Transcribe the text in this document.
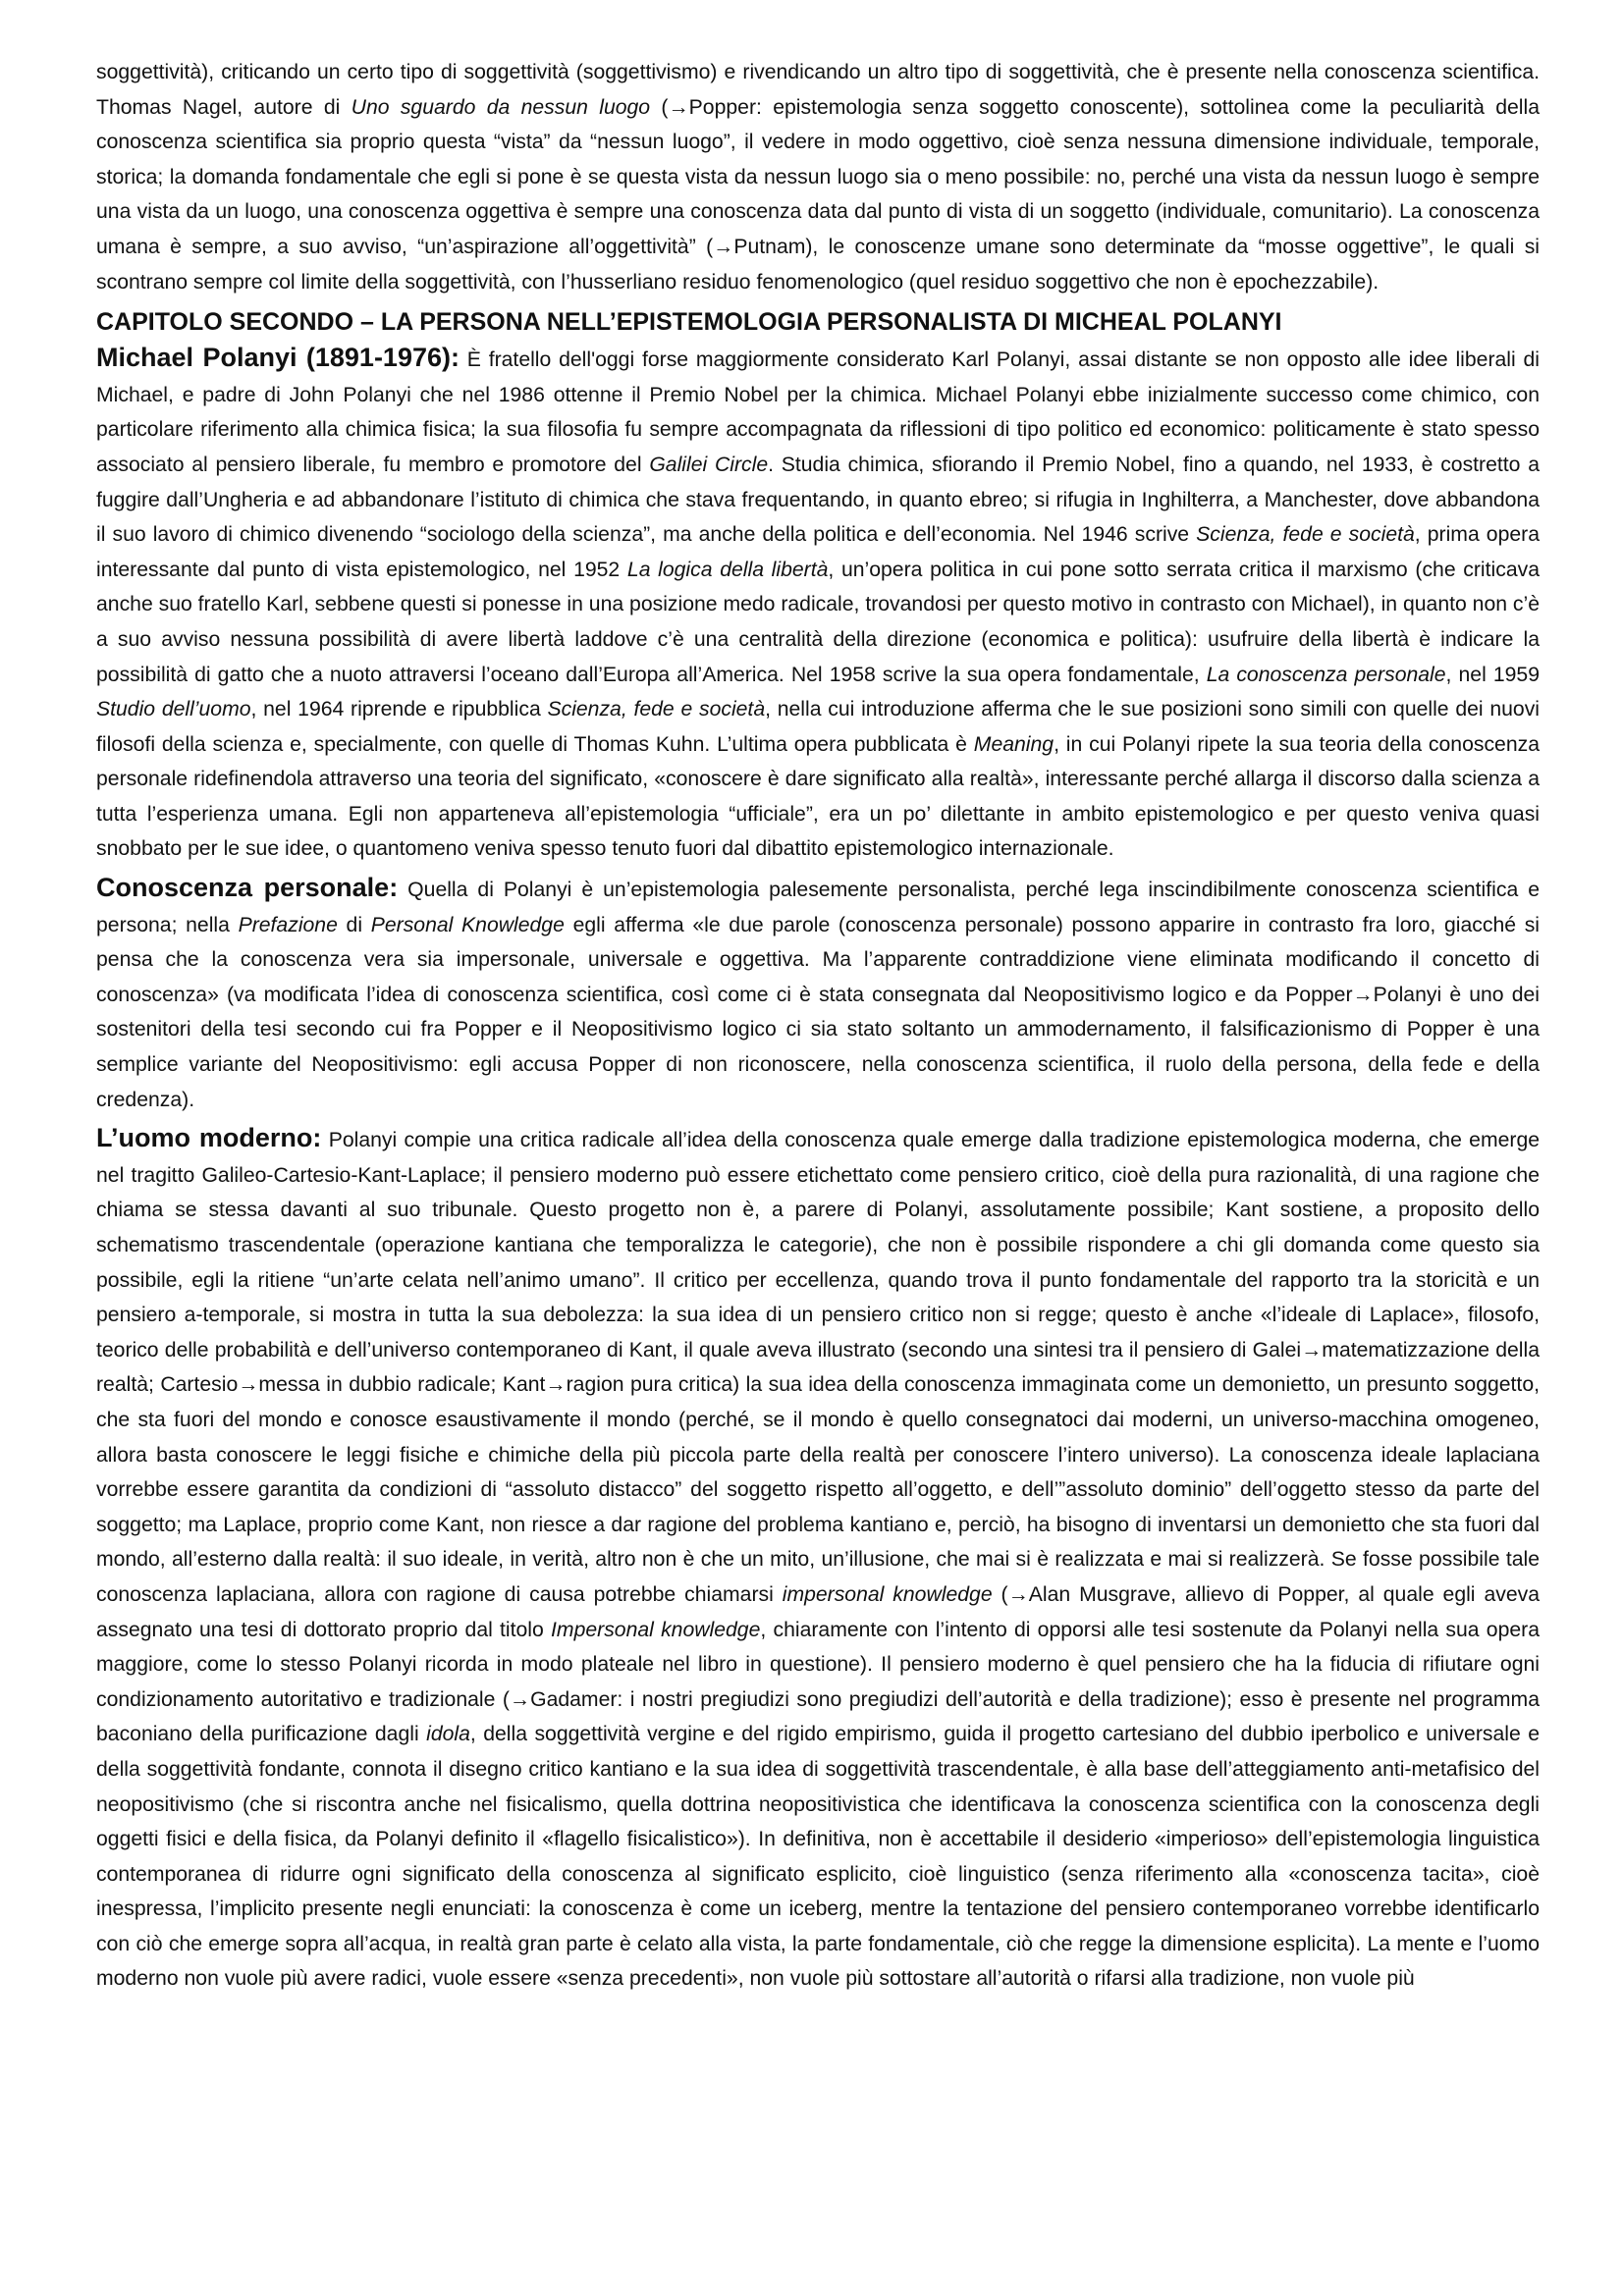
soggettività), criticando un certo tipo di soggettività (soggettivismo) e rivendicando un altro tipo di soggettività, che è presente nella conoscenza scientifica. Thomas Nagel, autore di Uno sguardo da nessun luogo (→Popper: epistemologia senza soggetto conoscente), sottolinea come la peculiarità della conoscenza scientifica sia proprio questa “vista” da “nessun luogo”, il vedere in modo oggettivo, cioè senza nessuna dimensione individuale, temporale, storica; la domanda fondamentale che egli si pone è se questa vista da nessun luogo sia o meno possibile: no, perché una vista da nessun luogo è sempre una vista da un luogo, una conoscenza oggettiva è sempre una conoscenza data dal punto di vista di un soggetto (individuale, comunitario). La conoscenza umana è sempre, a suo avviso, “un’aspirazione all’oggettività” (→Putnam), le conoscenze umane sono determinate da “mosse oggettive”, le quali si scontrano sempre col limite della soggettività, con l’husserliano residuo fenomenologico (quel residuo soggettivo che non è epochezzabile).

CAPITOLO SECONDO – LA PERSONA NELL’EPISTEMOLOGIA PERSONALISTA DI MICHEAL POLANYI

Michael Polanyi (1891-1976): È fratello dell'oggi forse maggiormente considerato Karl Polanyi, assai distante se non opposto alle idee liberali di Michael, e padre di John Polanyi che nel 1986 ottenne il Premio Nobel per la chimica. Michael Polanyi ebbe inizialmente successo come chimico, con particolare riferimento alla chimica fisica; la sua filosofia fu sempre accompagnata da riflessioni di tipo politico ed economico: politicamente è stato spesso associato al pensiero liberale, fu membro e promotore del Galilei Circle. Studia chimica, sfiorando il Premio Nobel, fino a quando, nel 1933, è costretto a fuggire dall’Ungheria e ad abbandonare l’istituto di chimica che stava frequentando, in quanto ebreo; si rifugia in Inghilterra, a Manchester, dove abbandona il suo lavoro di chimico divenendo “sociologo della scienza”, ma anche della politica e dell’economia. Nel 1946 scrive Scienza, fede e società, prima opera interessante dal punto di vista epistemologico, nel 1952 La logica della libertà, un’opera politica in cui pone sotto serrata critica il marxismo (che criticava anche suo fratello Karl, sebbene questi si ponesse in una posizione medo radicale, trovandosi per questo motivo in contrasto con Michael), in quanto non c’è a suo avviso nessuna possibilità di avere libertà laddove c’è una centralità della direzione (economica e politica): usufruire della libertà è indicare la possibilità di gatto che a nuoto attraversi l’oceano dall’Europa all’America. Nel 1958 scrive la sua opera fondamentale, La conoscenza personale, nel 1959 Studio dell’uomo, nel 1964 riprende e ripubblica Scienza, fede e società, nella cui introduzione afferma che le sue posizioni sono simili con quelle dei nuovi filosofi della scienza e, specialmente, con quelle di Thomas Kuhn. L’ultima opera pubblicata è Meaning, in cui Polanyi ripete la sua teoria della conoscenza personale ridefinendola attraverso una teoria del significato, «conoscere è dare significato alla realtà», interessante perché allarga il discorso dalla scienza a tutta l’esperienza umana. Egli non apparteneva all’epistemologia “ufficiale”, era un po’ dilettante in ambito epistemologico e per questo veniva quasi snobbato per le sue idee, o quantomeno veniva spesso tenuto fuori dal dibattito epistemologico internazionale.

Conoscenza personale: Quella di Polanyi è un’epistemologia palesemente personalista, perché lega inscindibilmente conoscenza scientifica e persona; nella Prefazione di Personal Knowledge egli afferma «le due parole (conoscenza personale) possono apparire in contrasto fra loro, giacché si pensa che la conoscenza vera sia impersonale, universale e oggettiva. Ma l’apparente contraddizione viene eliminata modificando il concetto di conoscenza» (va modificata l’idea di conoscenza scientifica, così come ci è stata consegnata dal Neopositivismo logico e da Popper→Polanyi è uno dei sostenitori della tesi secondo cui fra Popper e il Neopositivismo logico ci sia stato soltanto un ammodernamento, il falsificazionismo di Popper è una semplice variante del Neopositivismo: egli accusa Popper di non riconoscere, nella conoscenza scientifica, il ruolo della persona, della fede e della credenza).

L’uomo moderno: Polanyi compie una critica radicale all’idea della conoscenza quale emerge dalla tradizione epistemologica moderna, che emerge nel tragitto Galileo-Cartesio-Kant-Laplace; il pensiero moderno può essere etichettato come pensiero critico, cioè della pura razionalità, di una ragione che chiama se stessa davanti al suo tribunale. Questo progetto non è, a parere di Polanyi, assolutamente possibile; Kant sostiene, a proposito dello schematismo trascendentale (operazione kantiana che temporalizza le categorie), che non è possibile rispondere a chi gli domanda come questo sia possibile, egli la ritiene “un’arte celata nell’animo umano”. Il critico per eccellenza, quando trova il punto fondamentale del rapporto tra la storicità e un pensiero a-temporale, si mostra in tutta la sua debolezza: la sua idea di un pensiero critico non si regge; questo è anche «l’ideale di Laplace», filosofo, teorico delle probabilità e dell’universo contemporaneo di Kant, il quale aveva illustrato (secondo una sintesi tra il pensiero di Galei→matematizzazione della realtà; Cartesio→messa in dubbio radicale; Kant→ragion pura critica) la sua idea della conoscenza immaginata come un demonietto, un presunto soggetto, che sta fuori del mondo e conosce esaustivamente il mondo (perché, se il mondo è quello consegnatoci dai moderni, un universo-macchina omogeneo, allora basta conoscere le leggi fisiche e chimiche della più piccola parte della realtà per conoscere l’intero universo). La conoscenza ideale laplaciana vorrebbe essere garantita da condizioni di “assoluto distacco” del soggetto rispetto all’oggetto, e dell’”assoluto dominio” dell’oggetto stesso da parte del soggetto; ma Laplace, proprio come Kant, non riesce a dar ragione del problema kantiano e, perciò, ha bisogno di inventarsi un demonietto che sta fuori dal mondo, all’esterno dalla realtà: il suo ideale, in verità, altro non è che un mito, un’illusione, che mai si è realizzata e mai si realizzerà. Se fosse possibile tale conoscenza laplaciana, allora con ragione di causa potrebbe chiamarsi impersonal knowledge (→Alan Musgrave, allievo di Popper, al quale egli aveva assegnato una tesi di dottorato proprio dal titolo Impersonal knowledge, chiaramente con l’intento di opporsi alle tesi sostenute da Polanyi nella sua opera maggiore, come lo stesso Polanyi ricorda in modo plateale nel libro in questione). Il pensiero moderno è quel pensiero che ha la fiducia di rifiutare ogni condizionamento autoritativo e tradizionale (→Gadamer: i nostri pregiudizi sono pregiudizi dell’autorità e della tradizione); esso è presente nel programma baconiano della purificazione dagli idola, della soggettività vergine e del rigido empirismo, guida il progetto cartesiano del dubbio iperbolico e universale e della soggettività fondante, connota il disegno critico kantiano e la sua idea di soggettività trascendentale, è alla base dell’atteggiamento anti-metafisico del neopositivismo (che si riscontra anche nel fisicalismo, quella dottrina neopositivistica che identificava la conoscenza scientifica con la conoscenza degli oggetti fisici e della fisica, da Polanyi definito il «flagello fisicalistico»). In definitiva, non è accettabile il desiderio «imperioso» dell’epistemologia linguistica contemporanea di ridurre ogni significato della conoscenza al significato esplicito, cioè linguistico (senza riferimento alla «conoscenza tacita», cioè inespressa, l’implicito presente negli enunciati: la conoscenza è come un iceberg, mentre la tentazione del pensiero contemporaneo vorrebbe identificarlo con ciò che emerge sopra all’acqua, in realtà gran parte è celato alla vista, la parte fondamentale, ciò che regge la dimensione esplicita). La mente e l’uomo moderno non vuole più avere radici, vuole essere «senza precedenti», non vuole più sottostare all’autorità o rifarsi alla tradizione, non vuole più
